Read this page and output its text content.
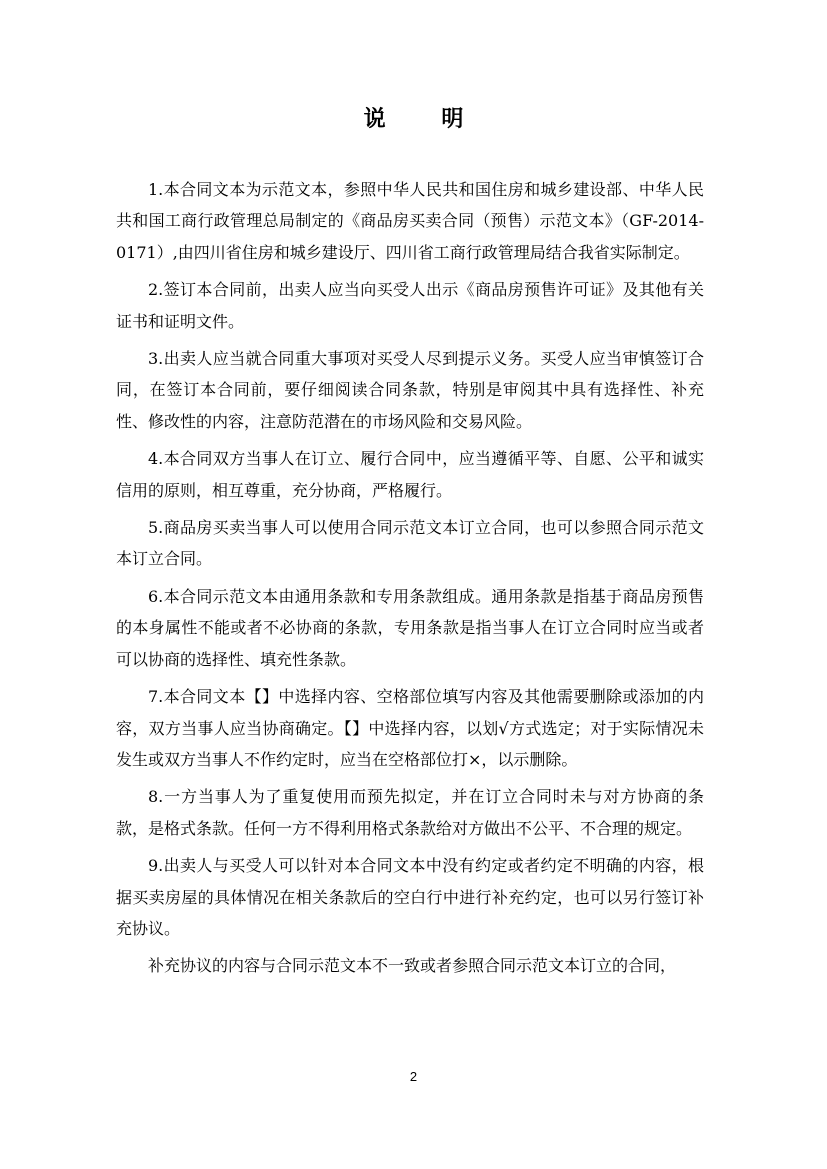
说 明

1.本合同文本为示范文本，参照中华人民共和国住房和城乡建设部、中华人民共和国工商行政管理总局制定的《商品房买卖合同（预售）示范文本》（GF-2014-0171）,由四川省住房和城乡建设厅、四川省工商行政管理局结合我省实际制定。

2.签订本合同前，出卖人应当向买受人出示《商品房预售许可证》及其他有关证书和证明文件。

3.出卖人应当就合同重大事项对买受人尽到提示义务。买受人应当审慎签订合同，在签订本合同前，要仔细阅读合同条款，特别是审阅其中具有选择性、补充性、修改性的内容，注意防范潜在的市场风险和交易风险。

4.本合同双方当事人在订立、履行合同中，应当遵循平等、自愿、公平和诚实信用的原则，相互尊重，充分协商，严格履行。

5.商品房买卖当事人可以使用合同示范文本订立合同，也可以参照合同示范文本订立合同。

6.本合同示范文本由通用条款和专用条款组成。通用条款是指基于商品房预售的本身属性不能或者不必协商的条款，专用条款是指当事人在订立合同时应当或者可以协商的选择性、填充性条款。

7.本合同文本【】中选择内容、空格部位填写内容及其他需要删除或添加的内容，双方当事人应当协商确定。【】中选择内容，以划√方式选定；对于实际情况未发生或双方当事人不作约定时，应当在空格部位打×，以示删除。

8.一方当事人为了重复使用而预先拟定，并在订立合同时未与对方协商的条款，是格式条款。任何一方不得利用格式条款给对方做出不公平、不合理的规定。

9.出卖人与买受人可以针对本合同文本中没有约定或者约定不明确的内容，根据买卖房屋的具体情况在相关条款后的空白行中进行补充约定，也可以另行签订补充协议。

补充协议的内容与合同示范文本不一致或者参照合同示范文本订立的合同，

2
